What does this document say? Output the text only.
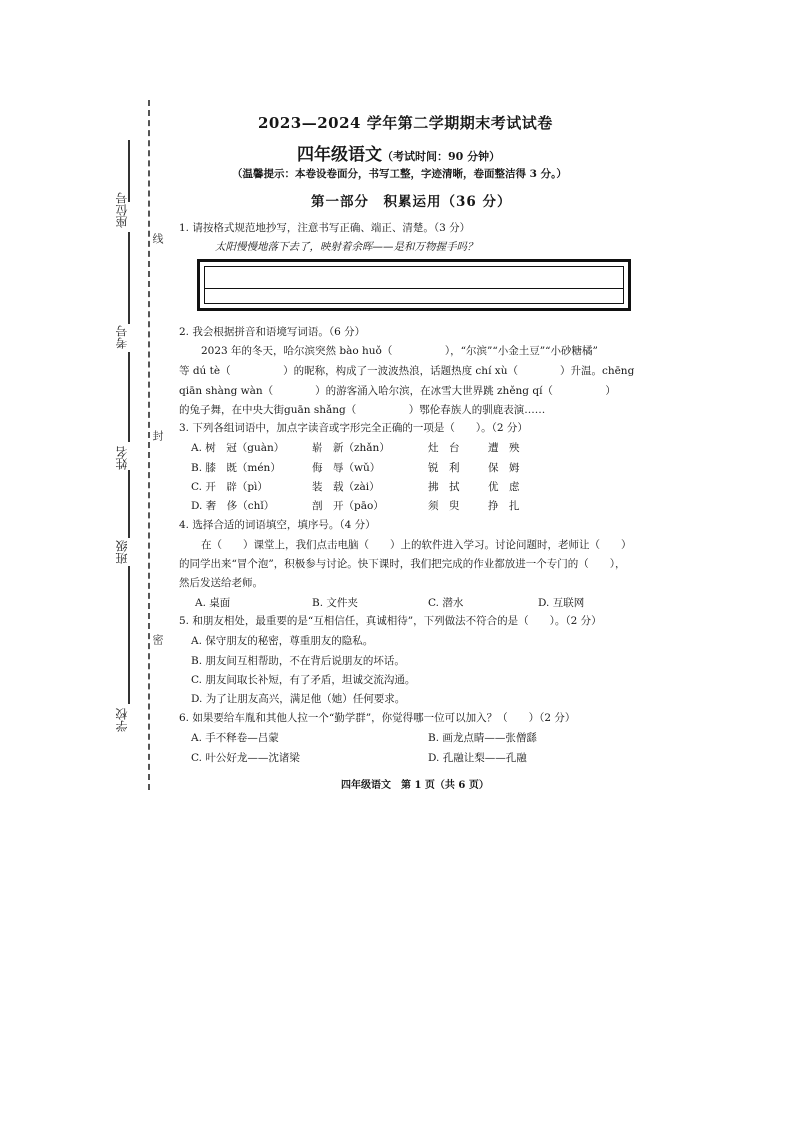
座位号
考号
姓名
班级
学校
线
封
密
2023—2024 学年第二学期期末考试试卷
四年级语文（考试时间：90 分钟）
（温馨提示：本卷设卷面分，书写工整，字迹清晰，卷面整洁得 3 分。）
第一部分　积累运用（36 分）
1. 请按格式规范地抄写，注意书写正确、端正、清楚。（3 分）
太阳慢慢地落下去了，映射着余晖——是和万物握手吗？
2. 我会根据拼音和语境写词语。（6 分）
2023 年的冬天，哈尔滨突然 bào huǒ（　　　　　），“尔滨”“小金土豆”“小砂糖橘”
等 dú tè（　　　　　）的昵称，构成了一波波热浪，话题热度 chí xù（　　　　）升温。chēng
qiān shàng wàn（　　　　）的游客涌入哈尔滨，在冰雪大世界跳 zhěng qí（　　　　　）
的兔子舞，在中央大街guān shǎng（　　　　　）鄂伦春族人的驯鹿表演……
3. 下列各组词语中，加点字读音或字形完全正确的一项是（　　）。（2 分）
A. 树　冠（guàn）	崭　新（zhǎn）	灶　台	遭　殃
B. 膝　既（mén）	侮　辱（wǔ）	锐　利	保　姆
C. 开　辟（pì）	装　载（zài）	拂　拭	优　虑
D. 奢　侈（chǐ）	剖　开（pāo）	须　臾	挣　扎
4. 选择合适的词语填空，填序号。（4 分）
在（　　）课堂上，我们点击电脑（　　）上的软件进入学习。讨论问题时，老师让（　　）
的同学出来“冒个泡”，积极参与讨论。快下课时，我们把完成的作业都放进一个专门的（　　），
然后发送给老师。
A. 桌面	B. 文件夹	C. 潜水	D. 互联网
5. 和朋友相处，最重要的是“互相信任，真诚相待”，下列做法不符合的是（　　）。（2 分）
A. 保守朋友的秘密，尊重朋友的隐私。
B. 朋友间互相帮助，不在背后说朋友的坏话。
C. 朋友间取长补短，有了矛盾，坦诚交流沟通。
D. 为了让朋友高兴，满足他（她）任何要求。
6. 如果要给车胤和其他人拉一个“勤学群”，你觉得哪一位可以加入？（　　）（2 分）
A. 手不释卷—吕蒙	B. 画龙点睛——张僧繇
C. 叶公好龙——沈诸梁	D. 孔融让梨——孔融
四年级语文　第 1 页（共 6 页）
